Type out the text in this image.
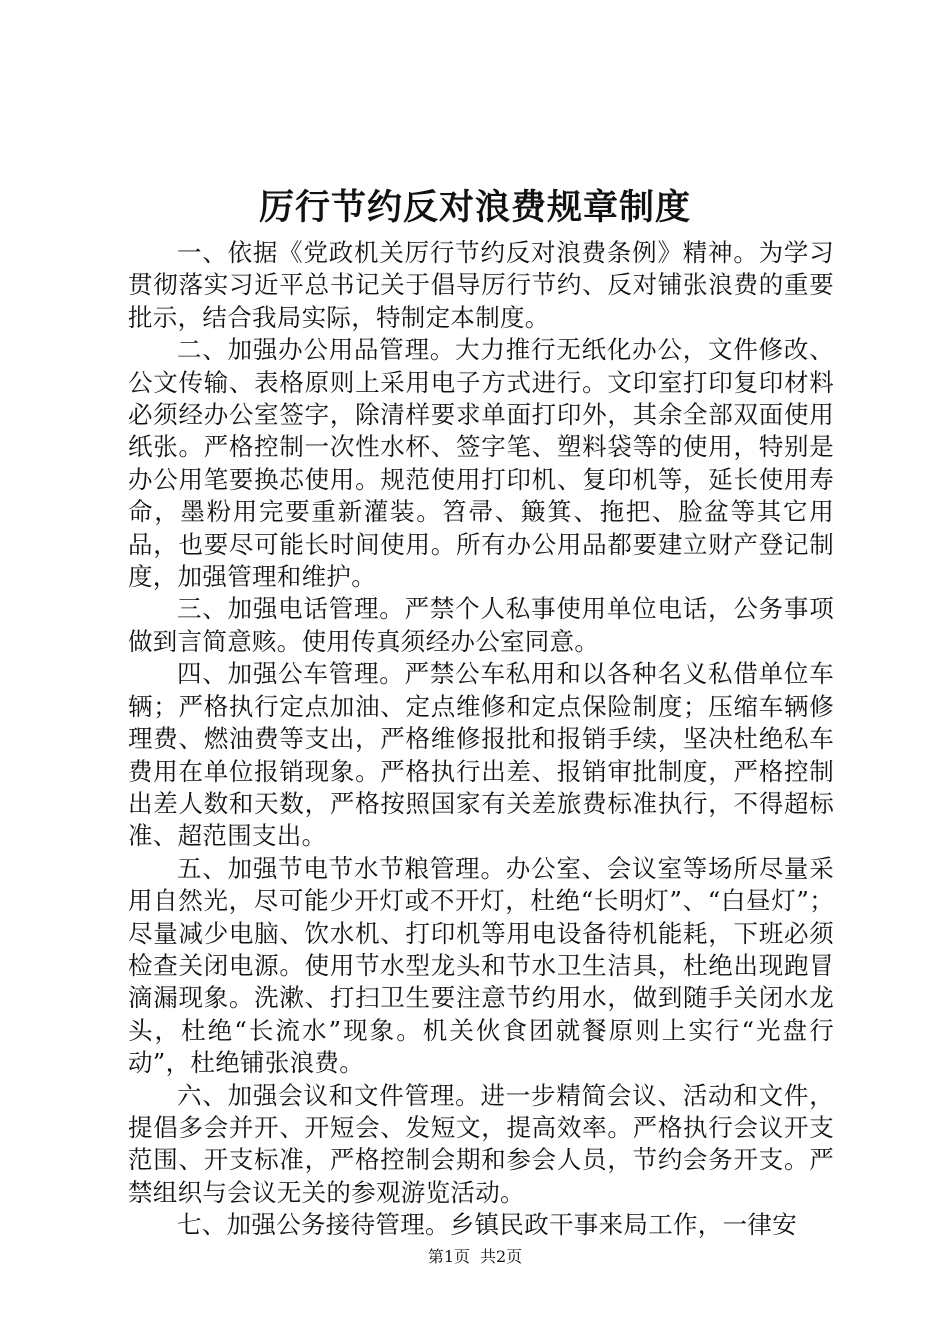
厉行节约反对浪费规章制度

一、依据《党政机关厉行节约反对浪费条例》精神。为学习贯彻落实习近平总书记关于倡导厉行节约、反对铺张浪费的重要批示，结合我局实际，特制定本制度。

二、加强办公用品管理。大力推行无纸化办公，文件修改、公文传输、表格原则上采用电子方式进行。文印室打印复印材料必须经办公室签字，除清样要求单面打印外，其余全部双面使用纸张。严格控制一次性水杯、签字笔、塑料袋等的使用，特别是办公用笔要换芯使用。规范使用打印机、复印机等，延长使用寿命，墨粉用完要重新灌装。笤帚、簸箕、拖把、脸盆等其它用品，也要尽可能长时间使用。所有办公用品都要建立财产登记制度，加强管理和维护。

三、加强电话管理。严禁个人私事使用单位电话，公务事项做到言简意赅。使用传真须经办公室同意。

四、加强公车管理。严禁公车私用和以各种名义私借单位车辆；严格执行定点加油、定点维修和定点保险制度；压缩车辆修理费、燃油费等支出，严格维修报批和报销手续，坚决杜绝私车费用在单位报销现象。严格执行出差、报销审批制度，严格控制出差人数和天数，严格按照国家有关差旅费标准执行，不得超标准、超范围支出。

五、加强节电节水节粮管理。办公室、会议室等场所尽量采用自然光，尽可能少开灯或不开灯，杜绝“长明灯”、“白昼灯”；尽量减少电脑、饮水机、打印机等用电设备待机能耗，下班必须检查关闭电源。使用节水型龙头和节水卫生洁具，杜绝出现跑冒滴漏现象。洗漱、打扫卫生要注意节约用水，做到随手关闭水龙头，杜绝“长流水”现象。机关伙食团就餐原则上实行“光盘行动”，杜绝铺张浪费。

六、加强会议和文件管理。进一步精简会议、活动和文件，提倡多会并开、开短会、发短文，提高效率。严格执行会议开支范围、开支标准，严格控制会期和参会人员，节约会务开支。严禁组织与会议无关的参观游览活动。

七、加强公务接待管理。乡镇民政干事来局工作，一律安

第1页 共2页
